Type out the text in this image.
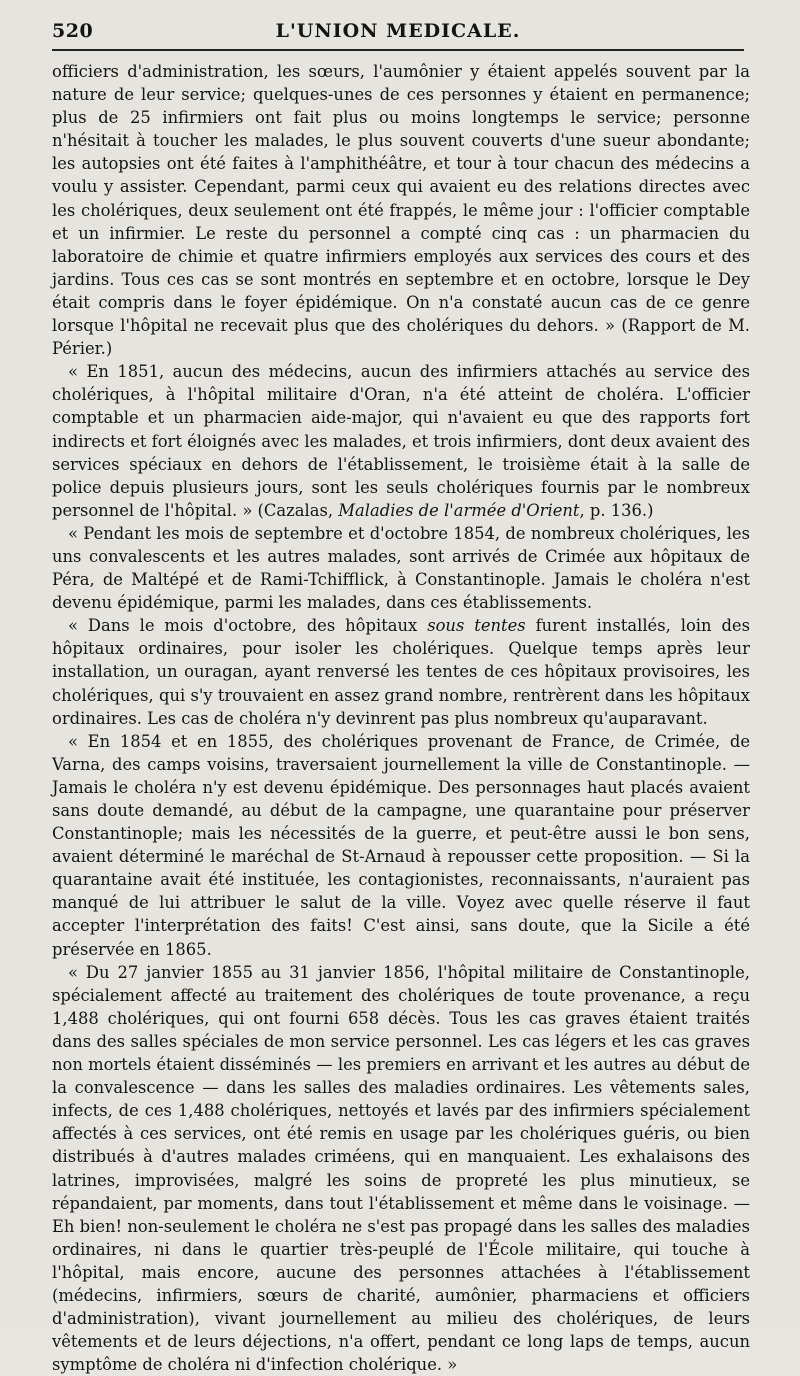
520	L'UNION MEDICALE.

officiers d'administration, les sœurs, l'aumônier y étaient appelés souvent par la nature de leur service; quelques-unes de ces personnes y étaient en permanence; plus de 25 infirmiers ont fait plus ou moins longtemps le service; personne n'hésitait à toucher les malades, le plus souvent couverts d'une sueur abondante; les autopsies ont été faites à l'amphithéâtre, et tour à tour chacun des médecins a voulu y assister. Cependant, parmi ceux qui avaient eu des relations directes avec les cholériques, deux seulement ont été frappés, le même jour : l'officier comptable et un infirmier. Le reste du personnel a compté cinq cas : un pharmacien du laboratoire de chimie et quatre infirmiers employés aux services des cours et des jardins. Tous ces cas se sont montrés en septembre et en octobre, lorsque le Dey était compris dans le foyer épidémique. On n'a constaté aucun cas de ce genre lorsque l'hôpital ne recevait plus que des cholériques du dehors. » (Rapport de M. Périer.)

« En 1851, aucun des médecins, aucun des infirmiers attachés au service des cholériques, à l'hôpital militaire d'Oran, n'a été atteint de choléra. L'officier comptable et un pharmacien aide-major, qui n'avaient eu que des rapports fort indirects et fort éloignés avec les malades, et trois infirmiers, dont deux avaient des services spéciaux en dehors de l'établissement, le troisième était à la salle de police depuis plusieurs jours, sont les seuls cholériques fournis par le nombreux personnel de l'hôpital. » (Cazalas, Maladies de l'armée d'Orient, p. 136.)

« Pendant les mois de septembre et d'octobre 1854, de nombreux cholériques, les uns convalescents et les autres malades, sont arrivés de Crimée aux hôpitaux de Péra, de Maltépé et de Rami-Tchifflick, à Constantinople. Jamais le choléra n'est devenu épidémique, parmi les malades, dans ces établissements.

« Dans le mois d'octobre, des hôpitaux sous tentes furent installés, loin des hôpitaux ordinaires, pour isoler les cholériques. Quelque temps après leur installation, un ouragan, ayant renversé les tentes de ces hôpitaux provisoires, les cholériques, qui s'y trouvaient en assez grand nombre, rentrèrent dans les hôpitaux ordinaires. Les cas de choléra n'y devinrent pas plus nombreux qu'auparavant.

« En 1854 et en 1855, des cholériques provenant de France, de Crimée, de Varna, des camps voisins, traversaient journellement la ville de Constantinople. — Jamais le choléra n'y est devenu épidémique. Des personnages haut placés avaient sans doute demandé, au début de la campagne, une quarantaine pour préserver Constantinople; mais les nécessités de la guerre, et peut-être aussi le bon sens, avaient déterminé le maréchal de St-Arnaud à repousser cette proposition. — Si la quarantaine avait été instituée, les contagionistes, reconnaissants, n'auraient pas manqué de lui attribuer le salut de la ville. Voyez avec quelle réserve il faut accepter l'interprétation des faits! C'est ainsi, sans doute, que la Sicile a été préservée en 1865.

« Du 27 janvier 1855 au 31 janvier 1856, l'hôpital militaire de Constantinople, spécialement affecté au traitement des cholériques de toute provenance, a reçu 1,488 cholériques, qui ont fourni 658 décès. Tous les cas graves étaient traités dans des salles spéciales de mon service personnel. Les cas légers et les cas graves non mortels étaient disséminés — les premiers en arrivant et les autres au début de la convalescence — dans les salles des maladies ordinaires. Les vêtements sales, infects, de ces 1,488 cholériques, nettoyés et lavés par des infirmiers spécialement affectés à ces services, ont été remis en usage par les cholériques guéris, ou bien distribués à d'autres malades criméens, qui en manquaient. Les exhalaisons des latrines, improvisées, malgré les soins de propreté les plus minutieux, se répandaient, par moments, dans tout l'établissement et même dans le voisinage. — Eh bien! non-seulement le choléra ne s'est pas propagé dans les salles des maladies ordinaires, ni dans le quartier très-peuplé de l'École militaire, qui touche à l'hôpital, mais encore, aucune des personnes attachées à l'établissement (médecins, infirmiers, sœurs de charité, aumônier, pharmaciens et officiers d'administration), vivant journellement au milieu des cholériques, de leurs vêtements et de leurs déjections, n'a offert, pendant ce long laps de temps, aucun symptôme de choléra ni d'infection cholérique. »
